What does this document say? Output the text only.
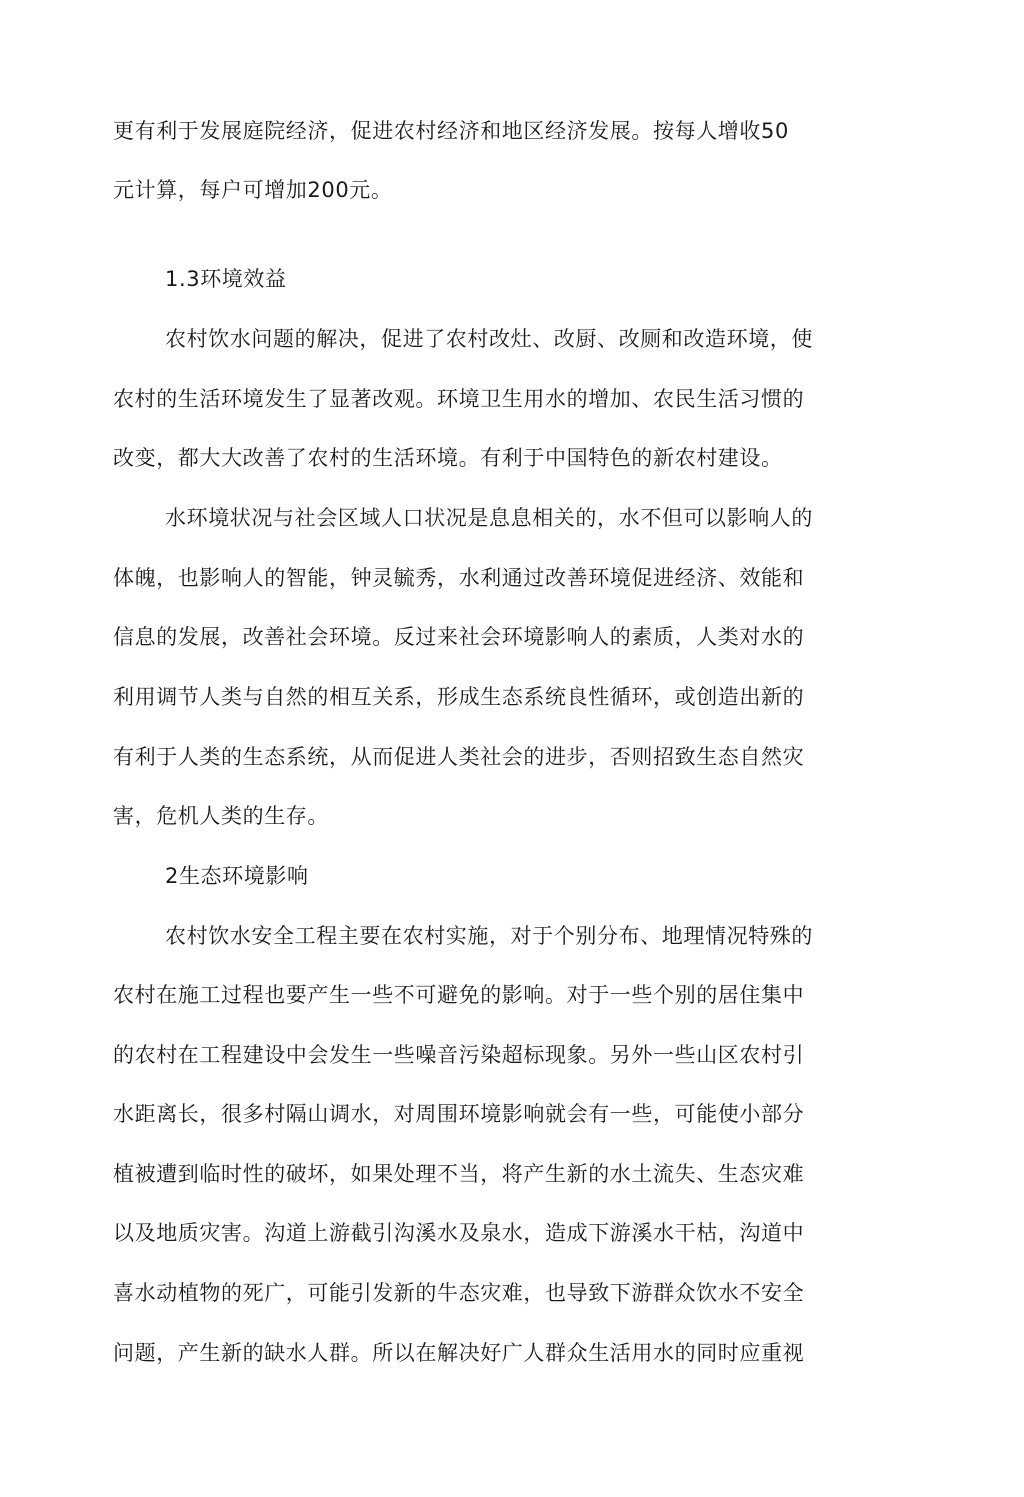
更有利于发展庭院经济，促进农村经济和地区经济发展。按每人增收50
元计算，每户可增加200元。
1.3环境效益
农村饮水问题的解决，促进了农村改灶、改厨、改厕和改造环境，使
农村的生活环境发生了显著改观。环境卫生用水的增加、农民生活习惯的
改变，都大大改善了农村的生活环境。有利于中国特色的新农村建设。
水环境状况与社会区域人口状况是息息相关的，水不但可以影响人的
体魄，也影响人的智能，钟灵毓秀，水利通过改善环境促进经济、效能和
信息的发展，改善社会环境。反过来社会环境影响人的素质，人类对水的
利用调节人类与自然的相互关系，形成生态系统良性循环，或创造出新的
有利于人类的生态系统，从而促进人类社会的进步，否则招致生态自然灾
害，危机人类的生存。
2生态环境影响
农村饮水安全工程主要在农村实施，对于个别分布、地理情况特殊的
农村在施工过程也要产生一些不可避免的影响。对于一些个别的居住集中
的农村在工程建设中会发生一些噪音污染超标现象。另外一些山区农村引
水距离长，很多村隔山调水，对周围环境影响就会有一些，可能使小部分
植被遭到临时性的破坏，如果处理不当，将产生新的水土流失、生态灾难
以及地质灾害。沟道上游截引沟溪水及泉水，造成下游溪水干枯，沟道中
喜水动植物的死广，可能引发新的牛态灾难，也导致下游群众饮水不安全
问题，产生新的缺水人群。所以在解决好广人群众生活用水的同时应重视
